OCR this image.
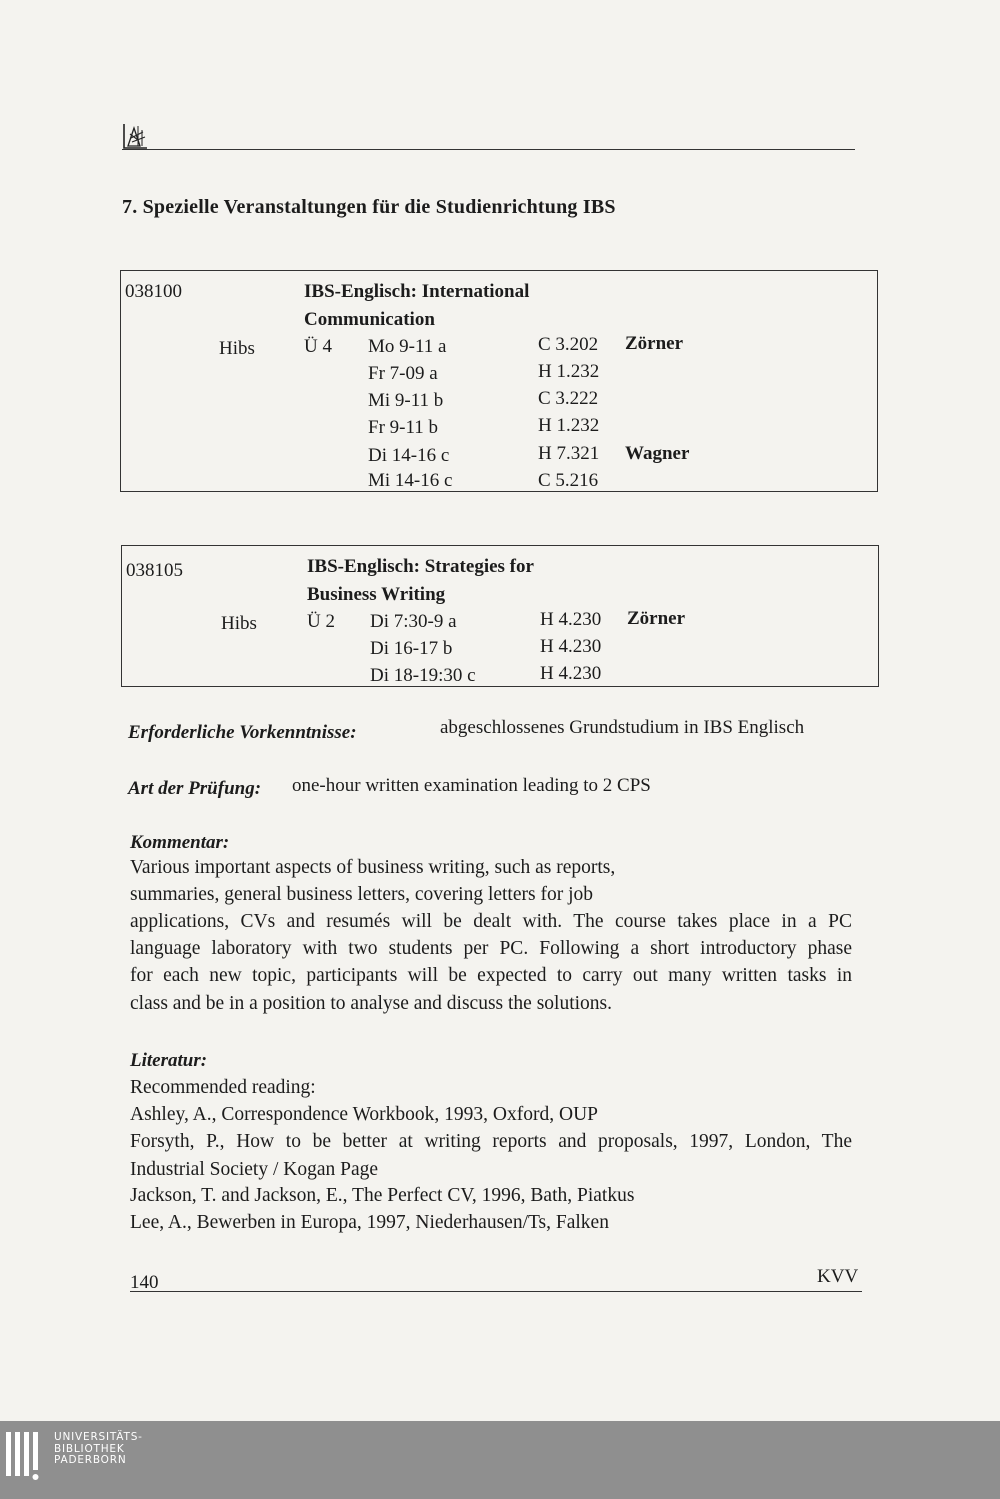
7. Spezielle Veranstaltungen für die Studienrichtung IBS
038100	IBS-Englisch: International
Communication
Hibs	Ü 4 Mo 9-11 a	C 3.202 Zörner
Fr 7-09 a	H 1.232
Mi 9-11 b	C 3.222
Fr 9-11 b	H 1.232
Di 14-16 c	H 7.321 Wagner
Mi 14-16 c	C 5.216
038105	IBS-Englisch: Strategies for
Business Writing
Hibs	Ü 2 Di 7:30-9 a	H 4.230 Zörner
Di 16-17 b	H 4.230
Di 18-19:30 c	H 4.230
Erforderliche Vorkenntnisse:	abgeschlossenes Grundstudium in IBS Englisch
Art der Prüfung: one-hour written examination leading to 2 CPS
Kommentar:
Various important aspects of business writing, such as reports,
summaries, general business letters, covering letters for job
applications, CVs and resumés will be dealt with. The course takes place in a PC
language laboratory with two students per PC. Following a short introductory phase
for each new topic, participants will be expected to carry out many written tasks in
class and be in a position to analyse and discuss the solutions.
Literatur:
Recommended reading:
Ashley, A., Correspondence Workbook, 1993, Oxford, OUP
Forsyth, P., How to be better at writing reports and proposals, 1997, London, The
Industrial Society / Kogan Page
Jackson, T. and Jackson, E., The Perfect CV, 1996, Bath, Piatkus
Lee, A., Bewerben in Europa, 1997, Niederhausen/Ts, Falken
140	KVV
UNIVERSITÄTS-
BIBLIOTHEK
PADERBORN
